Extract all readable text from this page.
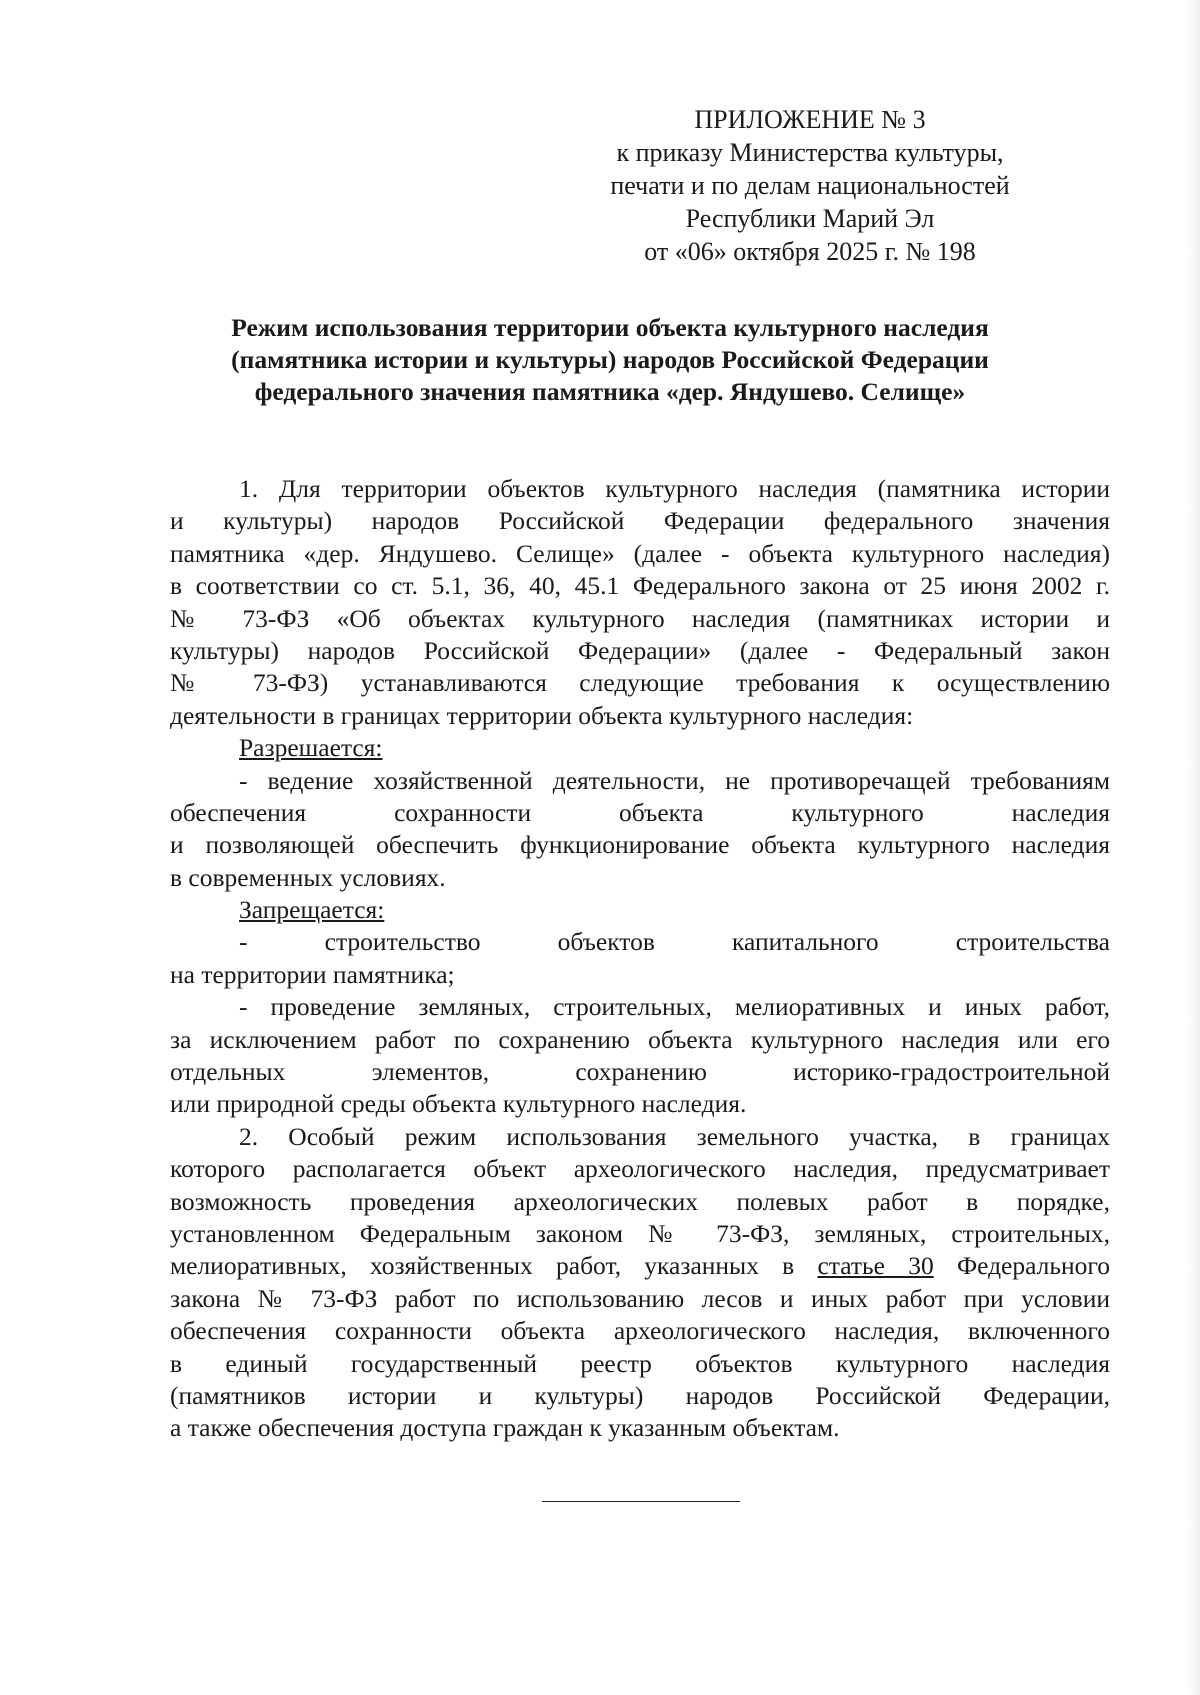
ПРИЛОЖЕНИЕ № 3
к приказу Министерства культуры,
печати и по делам национальностей
Республики Марий Эл
от «06» октября 2025 г. № 198
Режим использования территории объекта культурного наследия
(памятника истории и культуры) народов Российской Федерации
федерального значения памятника «дер. Яндушево. Селище»
1. Для территории объектов культурного наследия (памятника истории
и культуры) народов Российской Федерации федерального значения
памятника «дер. Яндушево. Селище» (далее - объекта культурного наследия)
в соответствии со ст. 5.1, 36, 40, 45.1 Федерального закона от 25 июня 2002 г.
№ 73-ФЗ «Об объектах культурного наследия (памятниках истории и
культуры) народов Российской Федерации» (далее - Федеральный закон
№ 73-ФЗ) устанавливаются следующие требования к осуществлению
деятельности в границах территории объекта культурного наследия:
Разрешается:
- ведение хозяйственной деятельности, не противоречащей требованиям
обеспечения сохранности объекта культурного наследия
и позволяющей обеспечить функционирование объекта культурного наследия
в современных условиях.
Запрещается:
- строительство объектов капитального строительства
на территории памятника;
- проведение земляных, строительных, мелиоративных и иных работ,
за исключением работ по сохранению объекта культурного наследия или его
отдельных элементов, сохранению историко-градостроительной
или природной среды объекта культурного наследия.
2. Особый режим использования земельного участка, в границах
которого располагается объект археологического наследия, предусматривает
возможность проведения археологических полевых работ в порядке,
установленном Федеральным законом № 73-ФЗ, земляных, строительных,
мелиоративных, хозяйственных работ, указанных в статье 30 Федерального
закона № 73-ФЗ работ по использованию лесов и иных работ при условии
обеспечения сохранности объекта археологического наследия, включенного
в единый государственный реестр объектов культурного наследия
(памятников истории и культуры) народов Российской Федерации,
а также обеспечения доступа граждан к указанным объектам.
